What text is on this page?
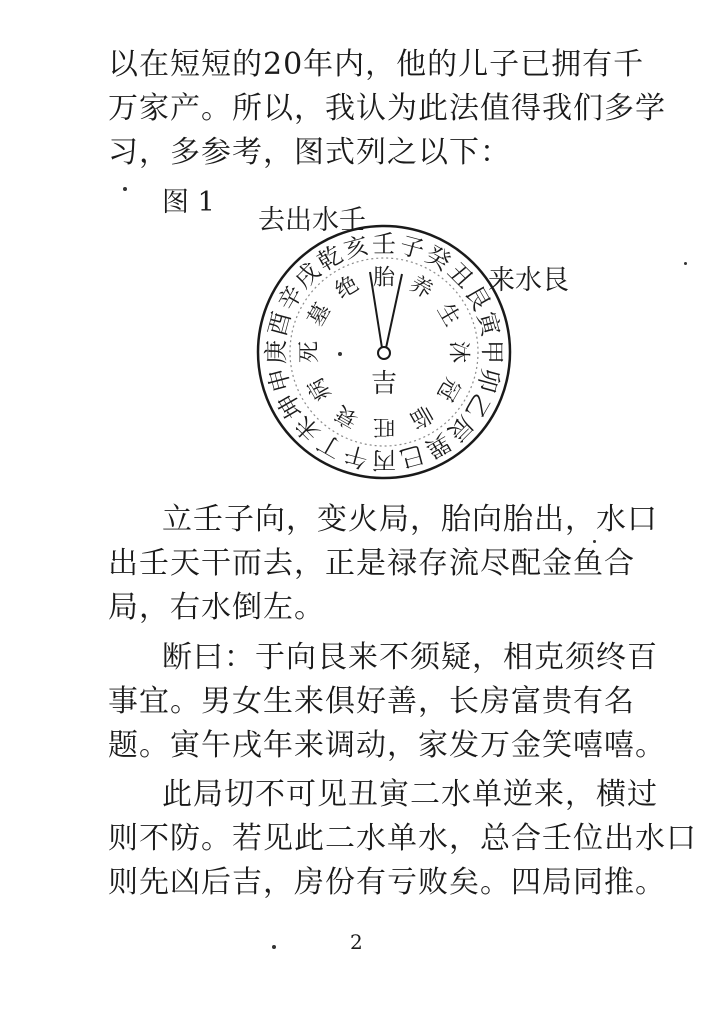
以在短短的20年内，他的儿子已拥有千
万家产。所以，我认为此法值得我们多学
习，多参考，图式列之以下：
图 1
去出水壬
来水艮
壬 子
癸
丑
艮
寅
甲
卯
乙
辰
巽
巳
丙
午
丁
未
坤
申
庚
酉
辛
戌
乾
亥
胎 养
生
沐
冠
临
旺
衰
病
死
墓
绝
吉
立壬子向，变火局，胎向胎出，水口
出壬天干而去，正是禄存流尽配金鱼合
局，右水倒左。
断曰：于向艮来不须疑，相克须终百
事宜。男女生来俱好善，长房富贵有名
题。寅午戌年来调动，家发万金笑嘻嘻。
此局切不可见丑寅二水单逆来，横过
则不防。若见此二水单水，总合壬位出水口
则先凶后吉，房份有亏败矣。四局同推。
2
